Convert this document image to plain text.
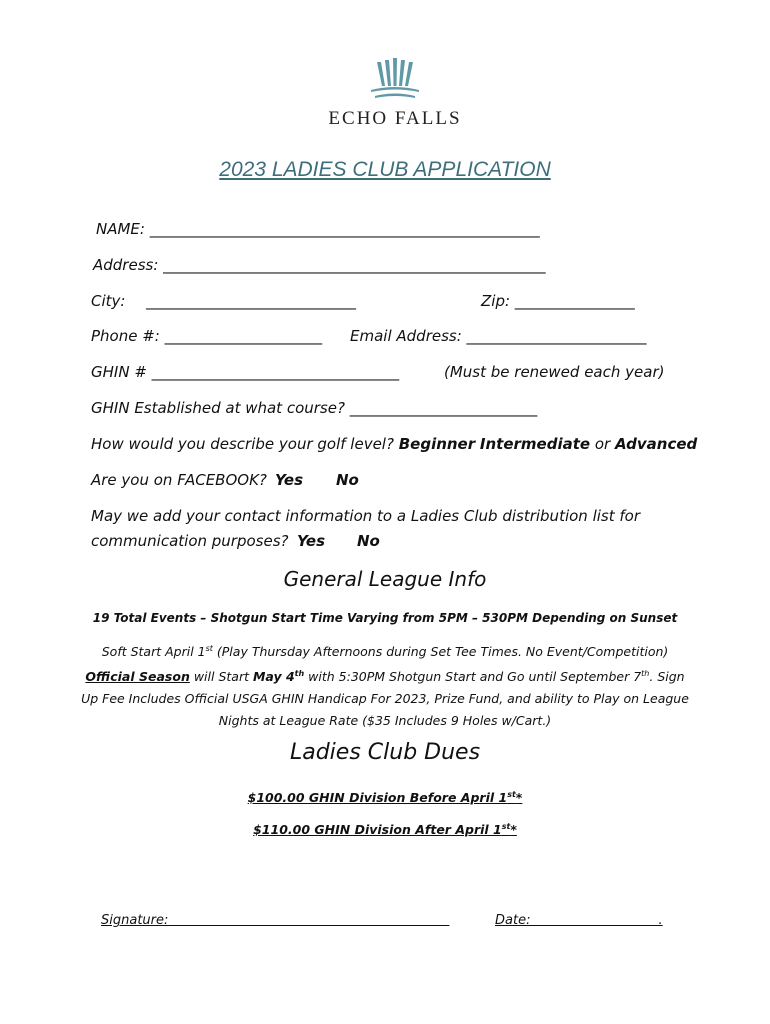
ECHO FALLS
2023 LADIES CLUB APPLICATION
NAME: ____________________________________________________
Address: ___________________________________________________
City: ____________________________	Zip: ________________
Phone #: _____________________ Email Address: ________________________
GHIN # _________________________________	(Must be renewed each year)
GHIN Established at what course? _________________________
How would you describe your golf level? Beginner Intermediate or Advanced
Are you on FACEBOOK? Yes No
May we add your contact information to a Ladies Club distribution list for
communication purposes? Yes No
General League Info
19 Total Events – Shotgun Start Time Varying from 5PM – 530PM Depending on Sunset
Soft Start April 1st (Play Thursday Afternoons during Set Tee Times. No Event/Competition)
Official Season will Start May 4th with 5:30PM Shotgun Start and Go until September 7th. Sign
Up Fee Includes Official USGA GHIN Handicap For 2023, Prize Fund, and ability to Play on League
Nights at League Rate ($35 Includes 9 Holes w/Cart.)
Ladies Club Dues
$100.00 GHIN Division Before April 1st*
$110.00 GHIN Division After April 1st*
Signature:	Date:                               .
